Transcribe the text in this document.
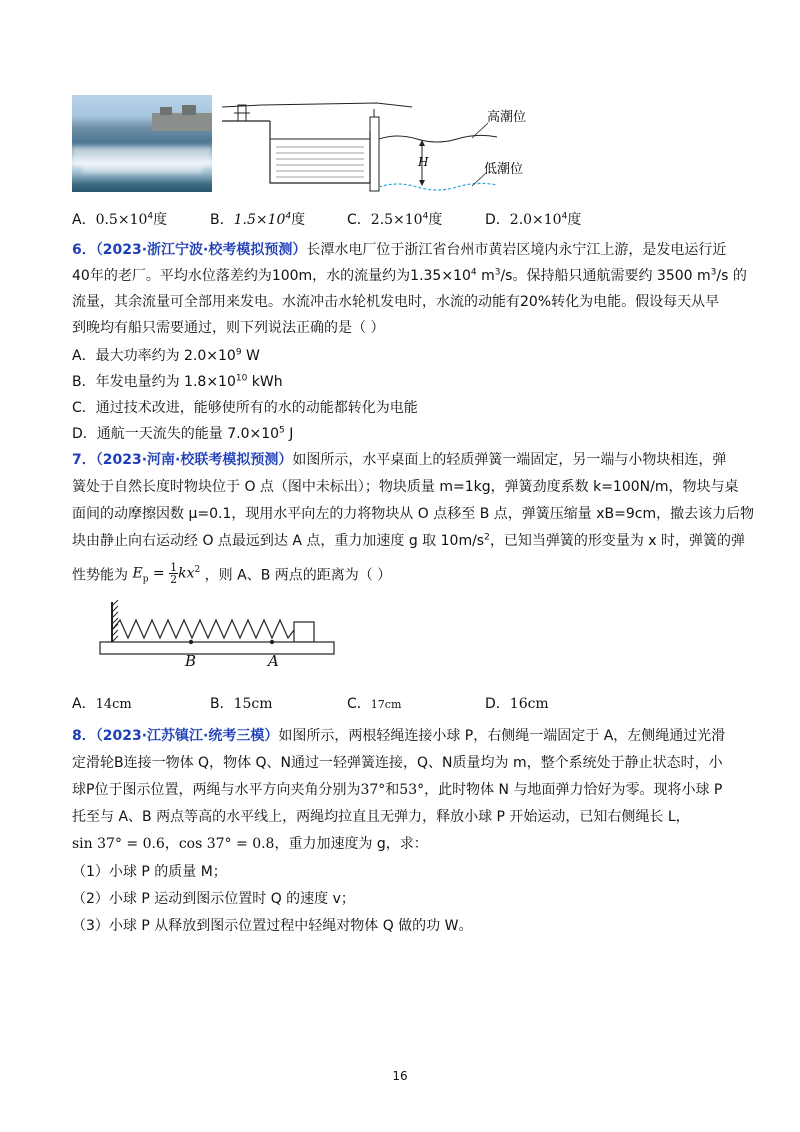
H
高潮位
低潮位
A．$0.5\times 10^4$度	B．$1.5\times 10^4$度	C．$2.5\times 10^4$度	D．$2.0\times 10^4$度
6．（2023·浙江宁波·校考模拟预测）长潭水电厂位于浙江省台州市黄岩区境内永宁江上游，是发电运行近
40年的老厂。平均水位落差约为100m，水的流量约为$1.35\times 10^4$ $m^3/s$。保持船只通航需要约 3500 $m^3/s$ 的
流量，其余流量可全部用来发电。水流冲击水轮机发电时，水流的动能有20%转化为电能。假设每天从早
到晚均有船只需要通过，则下列说法正确的是（ ）
A．最大功率约为 $2.0\times 10^9$ W
B．年发电量约为 $1.8\times 10^{10}$ kWh
C．通过技术改进，能够使所有的水的动能都转化为电能
D．通航一天流失的能量 $7.0\times 10^5$ J
7．（2023·河南·校联考模拟预测）如图所示，水平桌面上的轻质弹簧一端固定，另一端与小物块相连，弹
簧处于自然长度时物块位于 O 点（图中未标出）；物块质量 m=1kg，弹簧劲度系数 k=100N/m，物块与桌
面间的动摩擦因数 μ=0.1，现用水平向左的力将物块从 O 点移至 B 点，弹簧压缩量 xB=9cm，撤去该力后物
块由静止向右运动经 O 点最远到达 A 点，重力加速度 g 取 $10m/s^2$，已知当弹簧的形变量为 x 时，弹簧的弹
性势能为 $E_p = \frac{1}{2} kx^2$ ，则 A、B 两点的距离为（ ）
B	A
A．14cm	B．15cm	C．17cm	D．16cm
8．（2023·江苏镇江·统考三模）如图所示，两根轻绳连接小球 P，右侧绳一端固定于 A，左侧绳通过光滑
定滑轮B连接一物体 Q，物体 Q、N通过一轻弹簧连接，Q、N质量均为 m，整个系统处于静止状态时，小
球P位于图示位置，两绳与水平方向夹角分别为37°和53°，此时物体 N 与地面弹力恰好为零。现将小球 P
托至与 A、B 两点等高的水平线上，两绳均拉直且无弹力，释放小球 P 开始运动，已知右侧绳长 L，
sin 37° = 0.6，cos 37° = 0.8，重力加速度为 g，求：
（1）小球 P 的质量 M；
（2）小球 P 运动到图示位置时 Q 的速度 v；
（3）小球 P 从释放到图示位置过程中轻绳对物体 Q 做的功 W。
16
